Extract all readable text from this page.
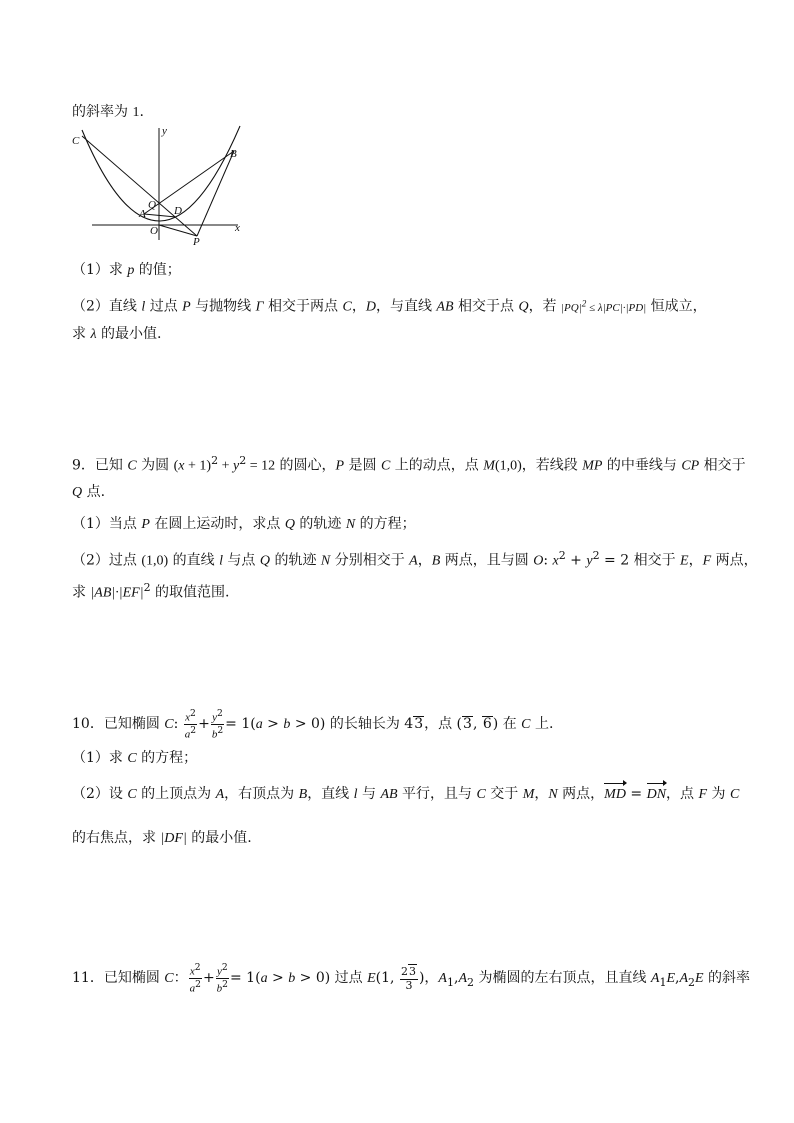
的斜率为 1.
C
y
B
Q
A	D
O
P
x
（1）求 p 的值；
（2）直线 l 过点 P 与抛物线 Γ 相交于两点 C，D，与直线 AB 相交于点 Q，若 $|PQ|^2 \le \lambda|PC|\cdot|PD|$ 恒成立，
求 λ 的最小值.
9．已知 C 为圆 $(x + 1)^2 + y^2 = 12$ 的圆心，P 是圆 C 上的动点，点 M(1,0)，若线段 MP 的中垂线与 CP 相交于
Q 点.
（1）当点 P 在圆上运动时，求点 Q 的轨迹 N 的方程；
（2）过点 (1,0) 的直线 l 与点 Q 的轨迹 N 分别相交于 A，B 两点，且与圆 O: $x^2 + y^2 = 2$ 相交于 E，F 两点，
求 $|AB|\cdot|EF|^2$ 的取值范围.
10．已知椭圆 C: $\frac{x^2}{a^2} + \frac{y^2}{b^2} = 1(a > b > 0)$ 的长轴长为 43，点 (3, 6) 在 C 上.
（1）求 C 的方程；
（2）设 C 的上顶点为 A，右顶点为 B，直线 l 与 AB 平行，且与 C 交于 M，N 两点，MD = DN，点 F 为 C
的右焦点，求 |DF| 的最小值.
11．已知椭圆 C： $\frac{x^2}{a^2} + \frac{y^2}{b^2} = 1(a > b > 0)$ 过点 E(1, $\frac{23}{3}$ )，$A_1,A_2$ 为椭圆的左右顶点，且直线 $A_1E,A_2E$ 的斜率
